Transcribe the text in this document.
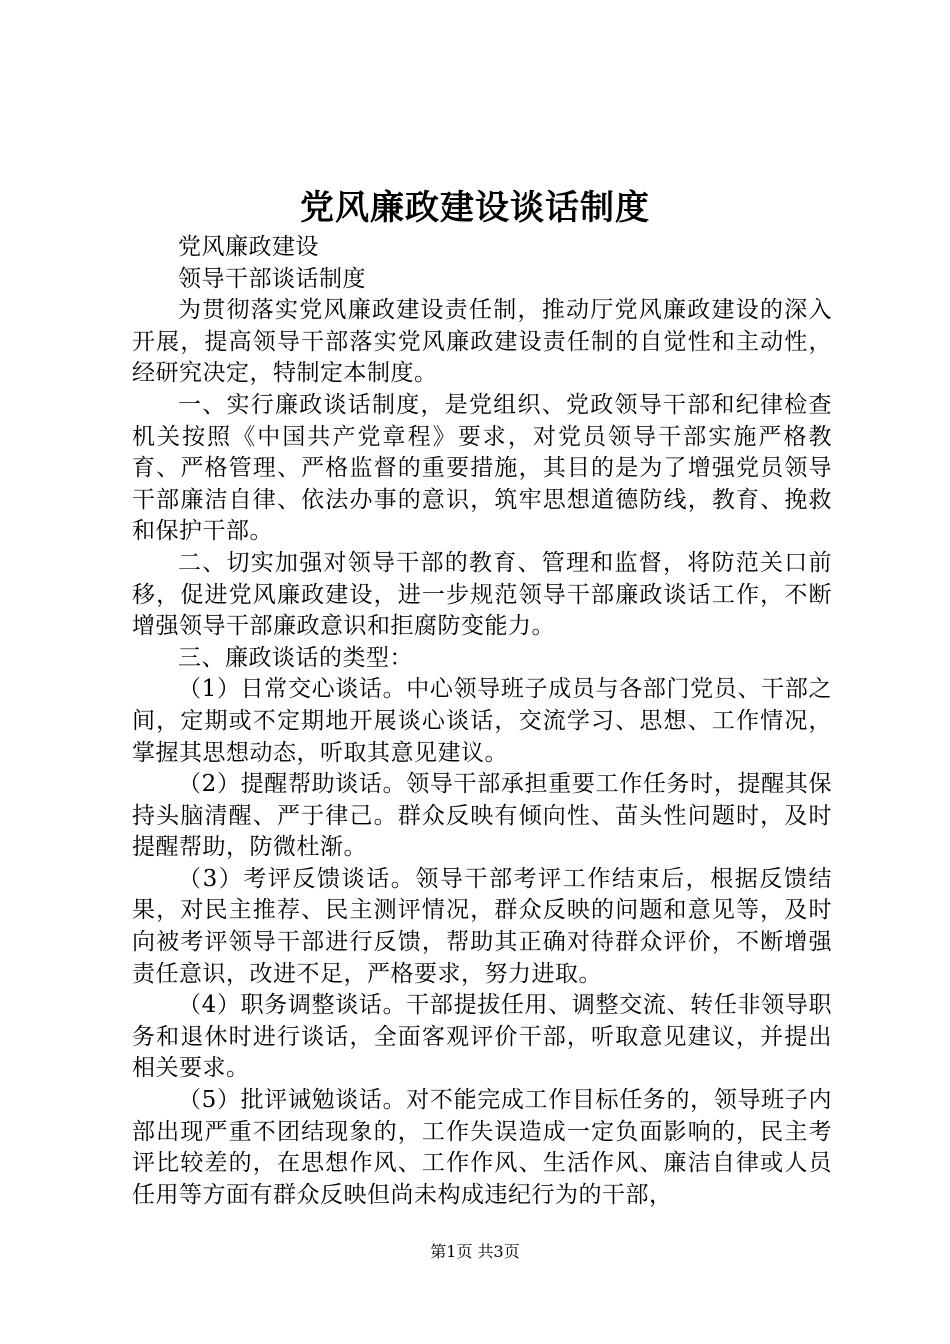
党风廉政建设谈话制度

党风廉政建设

领导干部谈话制度

为贯彻落实党风廉政建设责任制，推动厅党风廉政建设的深入开展，提高领导干部落实党风廉政建设责任制的自觉性和主动性，经研究决定，特制定本制度。

一、实行廉政谈话制度，是党组织、党政领导干部和纪律检查机关按照《中国共产党章程》要求，对党员领导干部实施严格教育、严格管理、严格监督的重要措施，其目的是为了增强党员领导干部廉洁自律、依法办事的意识，筑牢思想道德防线，教育、挽救和保护干部。

二、切实加强对领导干部的教育、管理和监督，将防范关口前移，促进党风廉政建设，进一步规范领导干部廉政谈话工作，不断增强领导干部廉政意识和拒腐防变能力。

三、廉政谈话的类型：

（1）日常交心谈话。中心领导班子成员与各部门党员、干部之间，定期或不定期地开展谈心谈话，交流学习、思想、工作情况，掌握其思想动态，听取其意见建议。

（2）提醒帮助谈话。领导干部承担重要工作任务时，提醒其保持头脑清醒、严于律己。群众反映有倾向性、苗头性问题时，及时提醒帮助，防微杜渐。

（3）考评反馈谈话。领导干部考评工作结束后，根据反馈结果，对民主推荐、民主测评情况，群众反映的问题和意见等，及时向被考评领导干部进行反馈，帮助其正确对待群众评价，不断增强责任意识，改进不足，严格要求，努力进取。

（4）职务调整谈话。干部提拔任用、调整交流、转任非领导职务和退休时进行谈话，全面客观评价干部，听取意见建议，并提出相关要求。

（5）批评诫勉谈话。对不能完成工作目标任务的，领导班子内部出现严重不团结现象的，工作失误造成一定负面影响的，民主考评比较差的，在思想作风、工作作风、生活作风、廉洁自律或人员任用等方面有群众反映但尚未构成违纪行为的干部，

第1页 共3页
